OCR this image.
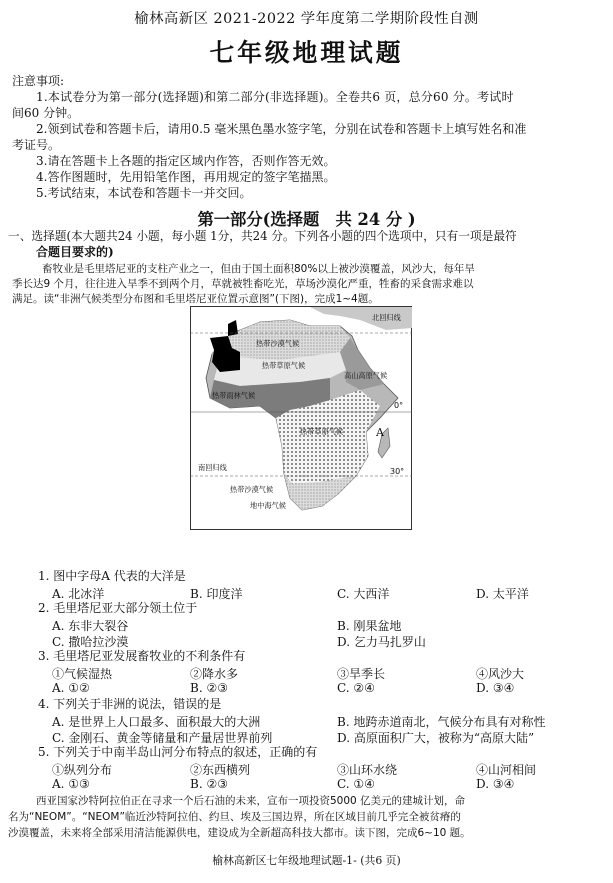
榆林高新区 2021-2022 学年度第二学期阶段性自测
七年级地理试题
注意事项:
1.本试卷分为第一部分(选择题)和第二部分(非选择题)。全卷共6 页，总分60 分。考试时
间60 分钟。
2.领到试卷和答题卡后，请用0.5 毫米黑色墨水签字笔，分别在试卷和答题卡上填写姓名和准
考证号。
3.请在答题卡上各题的指定区域内作答，否则作答无效。
4.答作图题时，先用铅笔作图，再用规定的签字笔描黑。
5.考试结束，本试卷和答题卡一并交回。
第一部分(选择题　共 24 分 )
一、选择题(本大题共24 小题，每小题 1分，共24 分。下列各小题的四个选项中，只有一项是最符
合题目要求的)
畜牧业是毛里塔尼亚的支柱产业之一，但由于国土面积80%以上被沙漠覆盖，风沙大，每年旱
季长达9 个月，往往进入旱季不到两个月，草就被牲畜吃光，草场沙漠化严重，牲畜的采食需求难以
满足。读“非洲气候类型分布图和毛里塔尼亚位置示意图”(下图)，完成1~4题。
北回归线
热带沙漠气候
热带草原气候
高山高原气候
热带雨林气候
热带草原气候
南回归线
热带沙漠气候
地中海气候
A
0°
30°
1. 图中字母A 代表的大洋是
A. 北冰洋	B. 印度洋	C. 大西洋	D. 太平洋
2. 毛里塔尼亚大部分领土位于
A. 东非大裂谷	B. 刚果盆地
C. 撒哈拉沙漠	D. 乞力马扎罗山
3. 毛里塔尼亚发展畜牧业的不利条件有
①气候湿热	②降水多	③旱季长	④风沙大
A. ①②	B. ②③	C. ②④	D. ③④
4. 下列关于非洲的说法，错误的是
A. 是世界上人口最多、面积最大的大洲	B. 地跨赤道南北，气候分布具有对称性
C. 金刚石、黄金等储量和产量居世界前列	D. 高原面积广大，被称为“高原大陆”
5. 下列关于中南半岛山河分布特点的叙述，正确的有
①纵列分布	②东西横列	③山环水绕	④山河相间
A. ①③	B. ②③	C. ①④	D. ③④
西亚国家沙特阿拉伯正在寻求一个后石油的未来，宣布一项投资5000 亿美元的建城计划，命
名为“NEOM”。“NEOM”临近沙特阿拉伯、约旦、埃及三国边界，所在区域目前几乎完全被贫瘠的
沙漠覆盖，未来将全部采用清洁能源供电，建设成为全新超高科技大都市。读下图，完成6~10 题。
榆林高新区七年级地理试题-1- (共6 页)
